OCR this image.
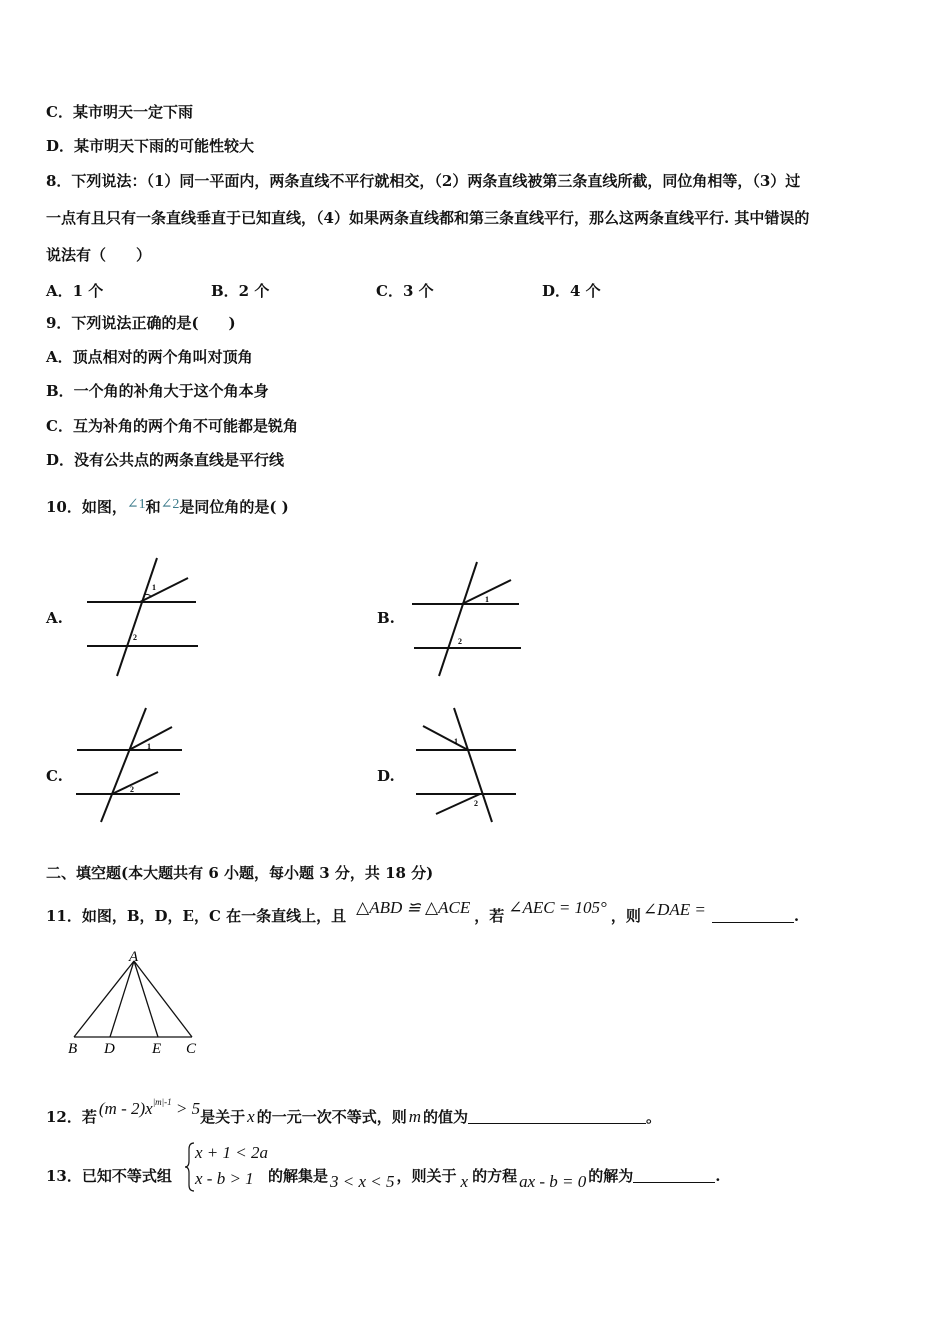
C．某市明天一定下雨
D．某市明天下雨的可能性较大
8．下列说法：（1）同一平面内，两条直线不平行就相交，（2）两条直线被第三条直线所截，同位角相等，（3）过
一点有且只有一条直线垂直于已知直线，（4）如果两条直线都和第三条直线平行，那么这两条直线平行. 其中错误的
说法有（　　）
A．1 个	B．2 个	C．3 个	D．4 个
9．下列说法正确的是(　　)
A．顶点相对的两个角叫对顶角
B．一个角的补角大于这个角本身
C．互为补角的两个角不可能都是锐角
D．没有公共点的两条直线是平行线
10．如图，∠1和∠2是同位角的是( )
A.	B.
C.	D.
1
2
1
2
1
2
1
2
二、填空题(本大题共有 6 小题，每小题 3 分，共 18 分)
11．如图，B，D，E，C 在一条直线上，且 △ABD ≌ △ACE ，若 ∠AEC = 105° ，则 ∠DAE =	.
A
B D E C
12．若 $(m - 2)x^{|m|-1} > 5$是关于 x 的一元一次不等式，则 m 的值为	。
13．已知不等式组
x + 1 < 2a
x - b > 1 的解集是 3 < x < 5 ，则关于 x 的方程 ax - b = 0 的解为	.
